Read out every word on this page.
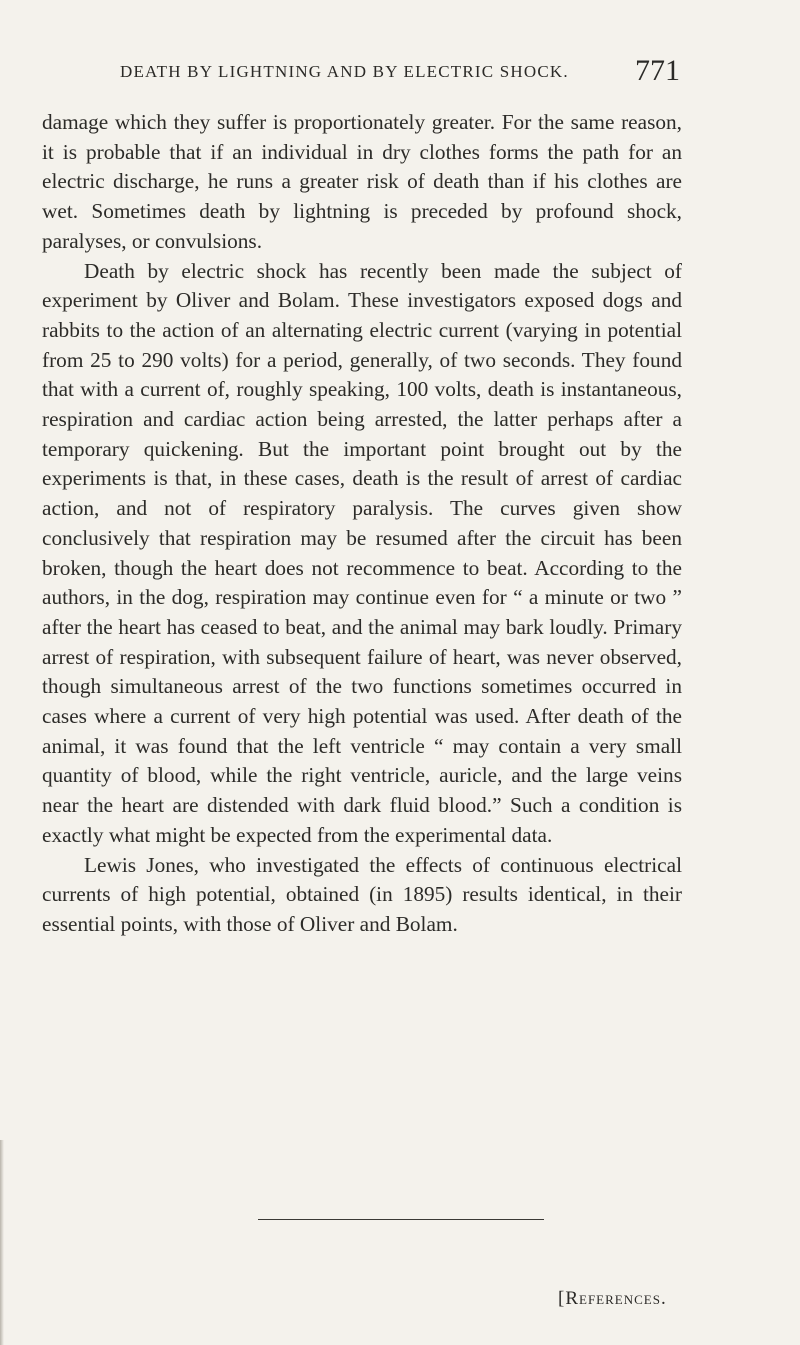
DEATH BY LIGHTNING AND BY ELECTRIC SHOCK. 771

damage which they suffer is proportionately greater. For the same reason, it is probable that if an individual in dry clothes forms the path for an electric discharge, he runs a greater risk of death than if his clothes are wet. Sometimes death by lightning is preceded by profound shock, paralyses, or convulsions.

Death by electric shock has recently been made the subject of experiment by Oliver and Bolam. These investigators exposed dogs and rabbits to the action of an alternating electric current (varying in potential from 25 to 290 volts) for a period, generally, of two seconds. They found that with a current of, roughly speaking, 100 volts, death is instantaneous, respiration and cardiac action being arrested, the latter perhaps after a temporary quickening. But the important point brought out by the experiments is that, in these cases, death is the result of arrest of cardiac action, and not of respiratory paralysis. The curves given show conclusively that respiration may be resumed after the circuit has been broken, though the heart does not recommence to beat. According to the authors, in the dog, respiration may continue even for “ a minute or two ” after the heart has ceased to beat, and the animal may bark loudly. Primary arrest of respiration, with subsequent failure of heart, was never observed, though simultaneous arrest of the two functions sometimes occurred in cases where a current of very high potential was used. After death of the animal, it was found that the left ventricle “ may contain a very small quantity of blood, while the right ventricle, auricle, and the large veins near the heart are distended with dark fluid blood.” Such a condition is exactly what might be expected from the experimental data.

Lewis Jones, who investigated the effects of continuous electrical currents of high potential, obtained (in 1895) results identical, in their essential points, with those of Oliver and Bolam.

[References.
